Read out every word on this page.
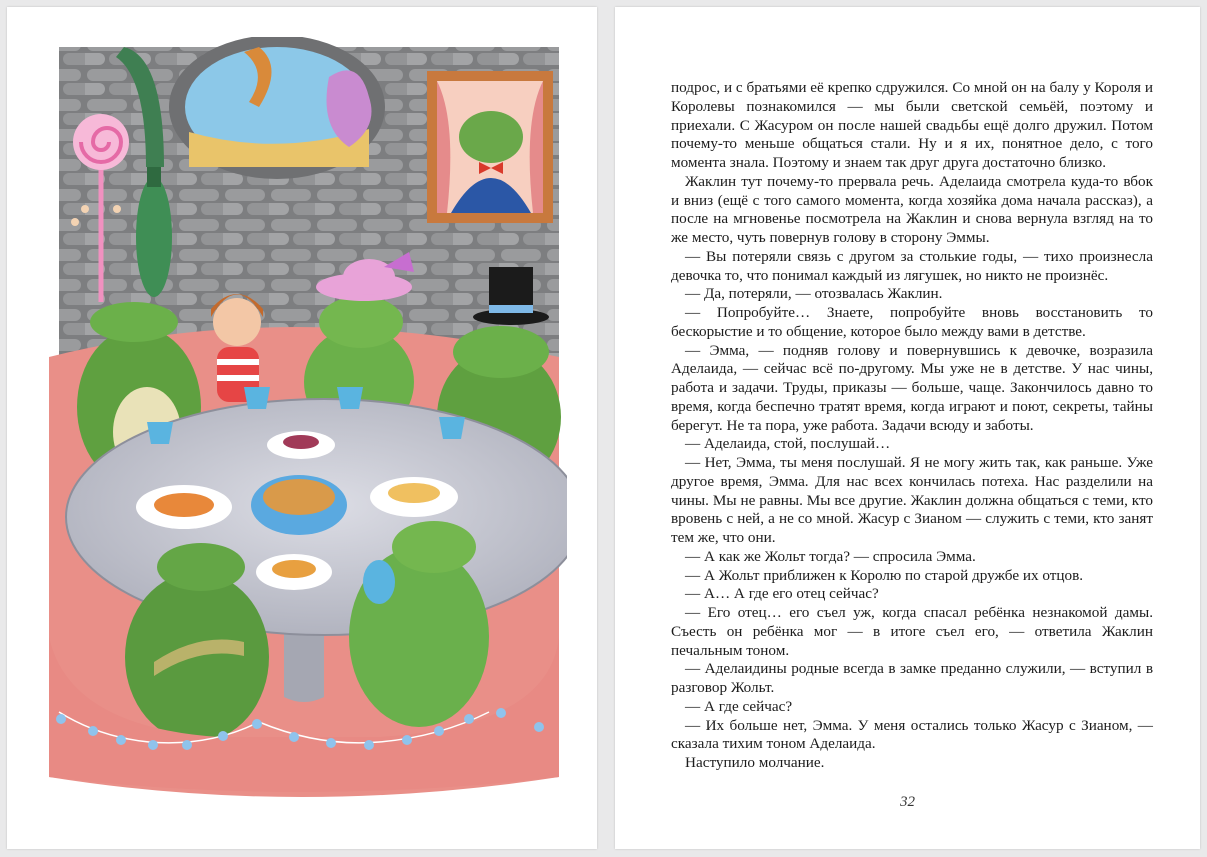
подрос, и с братьями её крепко сдружился. Со мной он на балу у Короля и Королевы познакомился — мы были светской семьёй, поэтому и приехали. С Жасуром он после нашей свадьбы ещё долго дружил. Потом почему-то меньше общаться стали. Ну и я их, понятное дело, с того момента знала. Поэтому и знаем так друг друга достаточно близко.

Жаклин тут почему-то прервала речь. Аделаида смотрела куда-то вбок и вниз (ещё с того самого момента, когда хозяйка дома начала рассказ), а после на мгновенье посмотрела на Жаклин и снова вернула взгляд на то же место, чуть повернув голову в сторону Эммы.

— Вы потеряли связь с другом за столькие годы, — тихо произнесла девочка то, что понимал каждый из лягушек, но никто не произнёс.

— Да, потеряли, — отозвалась Жаклин.

— Попробуйте… Знаете, попробуйте вновь восстановить то бескорыстие и то общение, которое было между вами в детстве.

— Эмма, — подняв голову и повернувшись к девочке, возразила Аделаида, — сейчас всё по-другому. Мы уже не в детстве. У нас чины, работа и задачи. Труды, приказы — больше, чаще. Закончилось давно то время, когда беспечно тратят время, когда играют и поют, секреты, тайны берегут. Не та пора, уже работа. Задачи всюду и заботы.

— Аделаида, стой, послушай…

— Нет, Эмма, ты меня послушай. Я не могу жить так, как раньше. Уже другое время, Эмма. Для нас всех кончилась потеха. Нас разделили на чины. Мы не равны. Мы все другие. Жаклин должна общаться с теми, кто вровень с ней, а не со мной. Жасур с Зианом — служить с теми, кто занят тем же, что они.

— А как же Жольт тогда? — спросила Эмма.

— А Жольт приближен к Королю по старой дружбе их отцов.

— А… А где его отец сейчас?

— Его отец… его съел уж, когда спасал ребёнка незнакомой дамы. Съесть он ребёнка мог — в итоге съел его, — ответила Жаклин печальным тоном.

— Аделаидины родные всегда в замке преданно служили, — вступил в разговор Жольт.

— А где сейчас?

— Их больше нет, Эмма. У меня остались только Жасур с Зианом, — сказала тихим тоном Аделаида.

Наступило молчание.

32
